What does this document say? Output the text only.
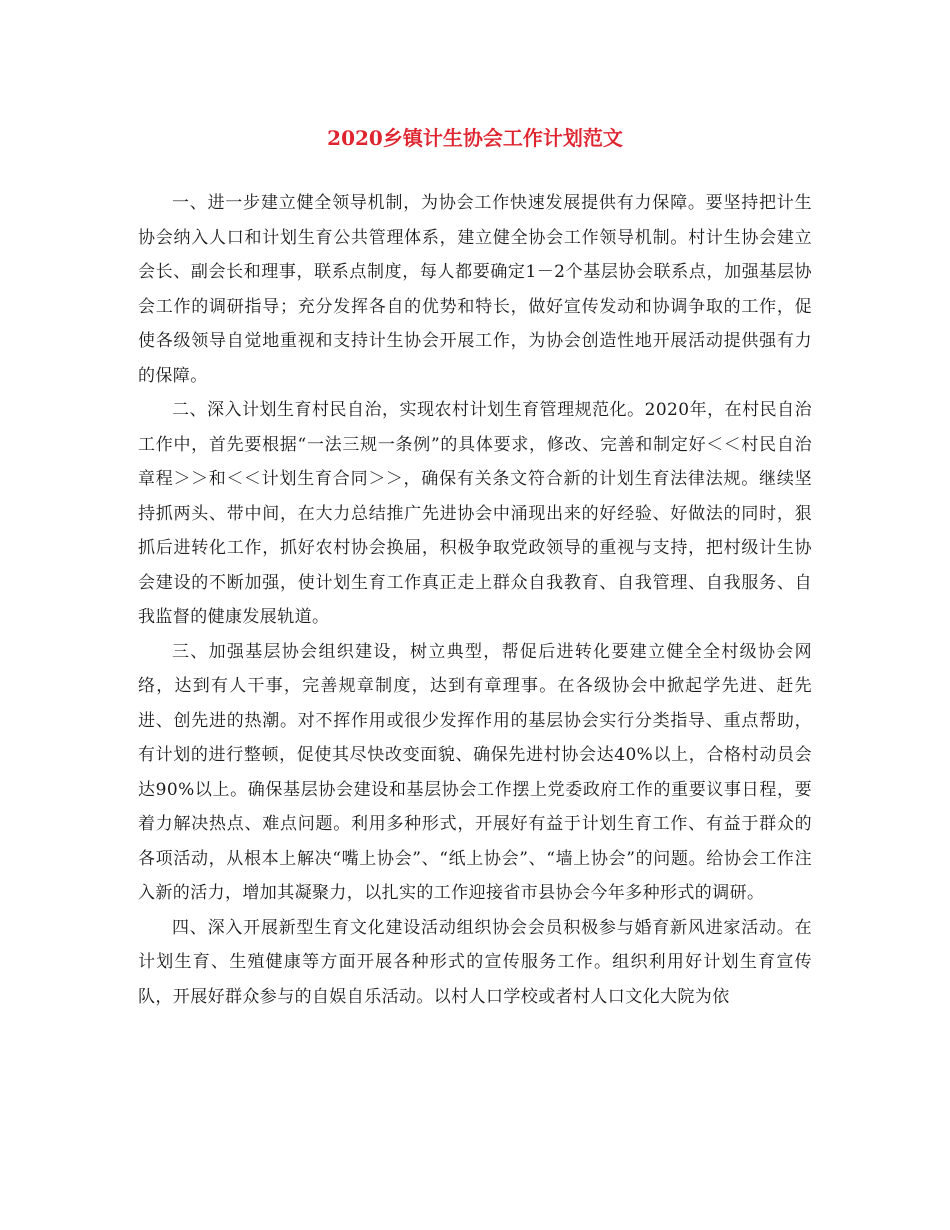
2020乡镇计生协会工作计划范文

一、进一步建立健全领导机制，为协会工作快速发展提供有力保障。要坚持把计生协会纳入人口和计划生育公共管理体系，建立健全协会工作领导机制。村计生协会建立会长、副会长和理事，联系点制度，每人都要确定1－2个基层协会联系点，加强基层协会工作的调研指导；充分发挥各自的优势和特长，做好宣传发动和协调争取的工作，促使各级领导自觉地重视和支持计生协会开展工作，为协会创造性地开展活动提供强有力的保障。

二、深入计划生育村民自治，实现农村计划生育管理规范化。2020年，在村民自治工作中，首先要根据“一法三规一条例”的具体要求，修改、完善和制定好＜＜村民自治章程＞＞和＜＜计划生育合同＞＞，确保有关条文符合新的计划生育法律法规。继续坚持抓两头、带中间，在大力总结推广先进协会中涌现出来的好经验、好做法的同时，狠抓后进转化工作，抓好农村协会换届，积极争取党政领导的重视与支持，把村级计生协会建设的不断加强，使计划生育工作真正走上群众自我教育、自我管理、自我服务、自我监督的健康发展轨道。

三、加强基层协会组织建设，树立典型，帮促后进转化要建立健全全村级协会网络，达到有人干事，完善规章制度，达到有章理事。在各级协会中掀起学先进、赶先进、创先进的热潮。对不挥作用或很少发挥作用的基层协会实行分类指导、重点帮助，有计划的进行整顿，促使其尽快改变面貌、确保先进村协会达40%以上，合格村动员会达90%以上。确保基层协会建设和基层协会工作摆上党委政府工作的重要议事日程，要着力解决热点、难点问题。利用多种形式，开展好有益于计划生育工作、有益于群众的各项活动，从根本上解决“嘴上协会”、“纸上协会”、“墙上协会”的问题。给协会工作注入新的活力，增加其凝聚力，以扎实的工作迎接省市县协会今年多种形式的调研。

四、深入开展新型生育文化建设活动组织协会会员积极参与婚育新风进家活动。在计划生育、生殖健康等方面开展各种形式的宣传服务工作。组织利用好计划生育宣传队，开展好群众参与的自娱自乐活动。以村人口学校或者村人口文化大院为依
